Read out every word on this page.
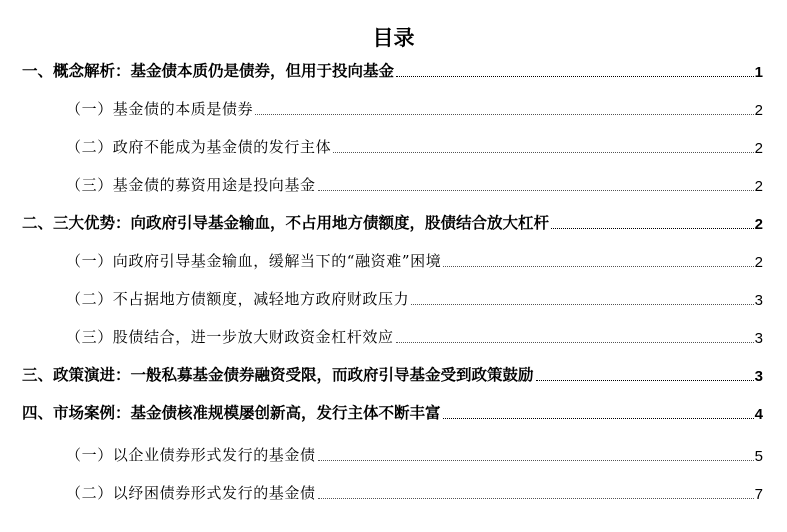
目录
一、概念解析：基金债本质仍是债券，但用于投向基金	1
（一）基金债的本质是债券	2
（二）政府不能成为基金债的发行主体	2
（三）基金债的募资用途是投向基金	2
二、三大优势：向政府引导基金输血，不占用地方债额度，股债结合放大杠杆	2
（一）向政府引导基金输血，缓解当下的“融资难”困境	2
（二）不占据地方债额度，减轻地方政府财政压力	3
（三）股债结合，进一步放大财政资金杠杆效应	3
三、政策演进：一般私募基金债券融资受限，而政府引导基金受到政策鼓励	3
四、市场案例：基金债核准规模屡创新高，发行主体不断丰富	4
（一）以企业债券形式发行的基金债	5
（二）以纾困债券形式发行的基金债	7
